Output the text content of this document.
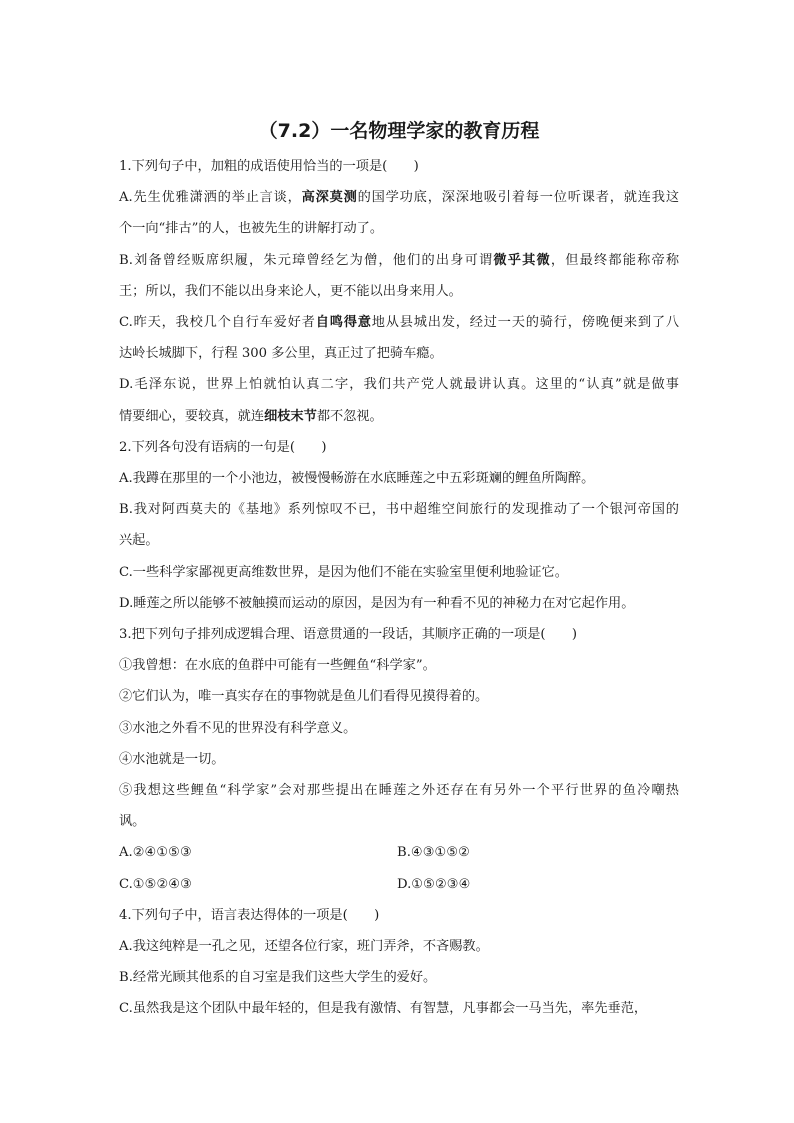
（7.2）一名物理学家的教育历程

1.下列句子中，加粗的成语使用恰当的一项是(　　)

A.先生优雅潇洒的举止言谈，高深莫测的国学功底，深深地吸引着每一位听课者，就连我这

个一向“排古”的人，也被先生的讲解打动了。

B.刘备曾经贩席织履，朱元璋曾经乞为僧，他们的出身可谓微乎其微，但最终都能称帝称

王；所以，我们不能以出身来论人，更不能以出身来用人。

C.昨天，我校几个自行车爱好者自鸣得意地从县城出发，经过一天的骑行，傍晚便来到了八

达岭长城脚下，行程 300 多公里，真正过了把骑车瘾。

D.毛泽东说，世界上怕就怕认真二字，我们共产党人就最讲认真。这里的“认真”就是做事

情要细心，要较真，就连细枝末节都不忽视。

2.下列各句没有语病的一句是(　　)

A.我蹲在那里的一个小池边，被慢慢畅游在水底睡莲之中五彩斑斓的鲤鱼所陶醉。

B.我对阿西莫夫的《基地》系列惊叹不已，书中超维空间旅行的发现推动了一个银河帝国的

兴起。

C.一些科学家鄙视更高维数世界，是因为他们不能在实验室里便利地验证它。

D.睡莲之所以能够不被触摸而运动的原因，是因为有一种看不见的神秘力在对它起作用。

3.把下列句子排列成逻辑合理、语意贯通的一段话，其顺序正确的一项是(　　)

①我曾想：在水底的鱼群中可能有一些鲤鱼“科学家”。

②它们认为，唯一真实存在的事物就是鱼儿们看得见摸得着的。

③水池之外看不见的世界没有科学意义。

④水池就是一切。

⑤我想这些鲤鱼“科学家”会对那些提出在睡莲之外还存在有另外一个平行世界的鱼冷嘲热

讽。

A.②④①⑤③	B.④③①⑤②
C.①⑤②④③	D.①⑤②③④

4.下列句子中，语言表达得体的一项是(　　)

A.我这纯粹是一孔之见，还望各位行家，班门弄斧，不吝赐教。

B.经常光顾其他系的自习室是我们这些大学生的爱好。

C.虽然我是这个团队中最年轻的，但是我有激情、有智慧，凡事都会一马当先，率先垂范，
